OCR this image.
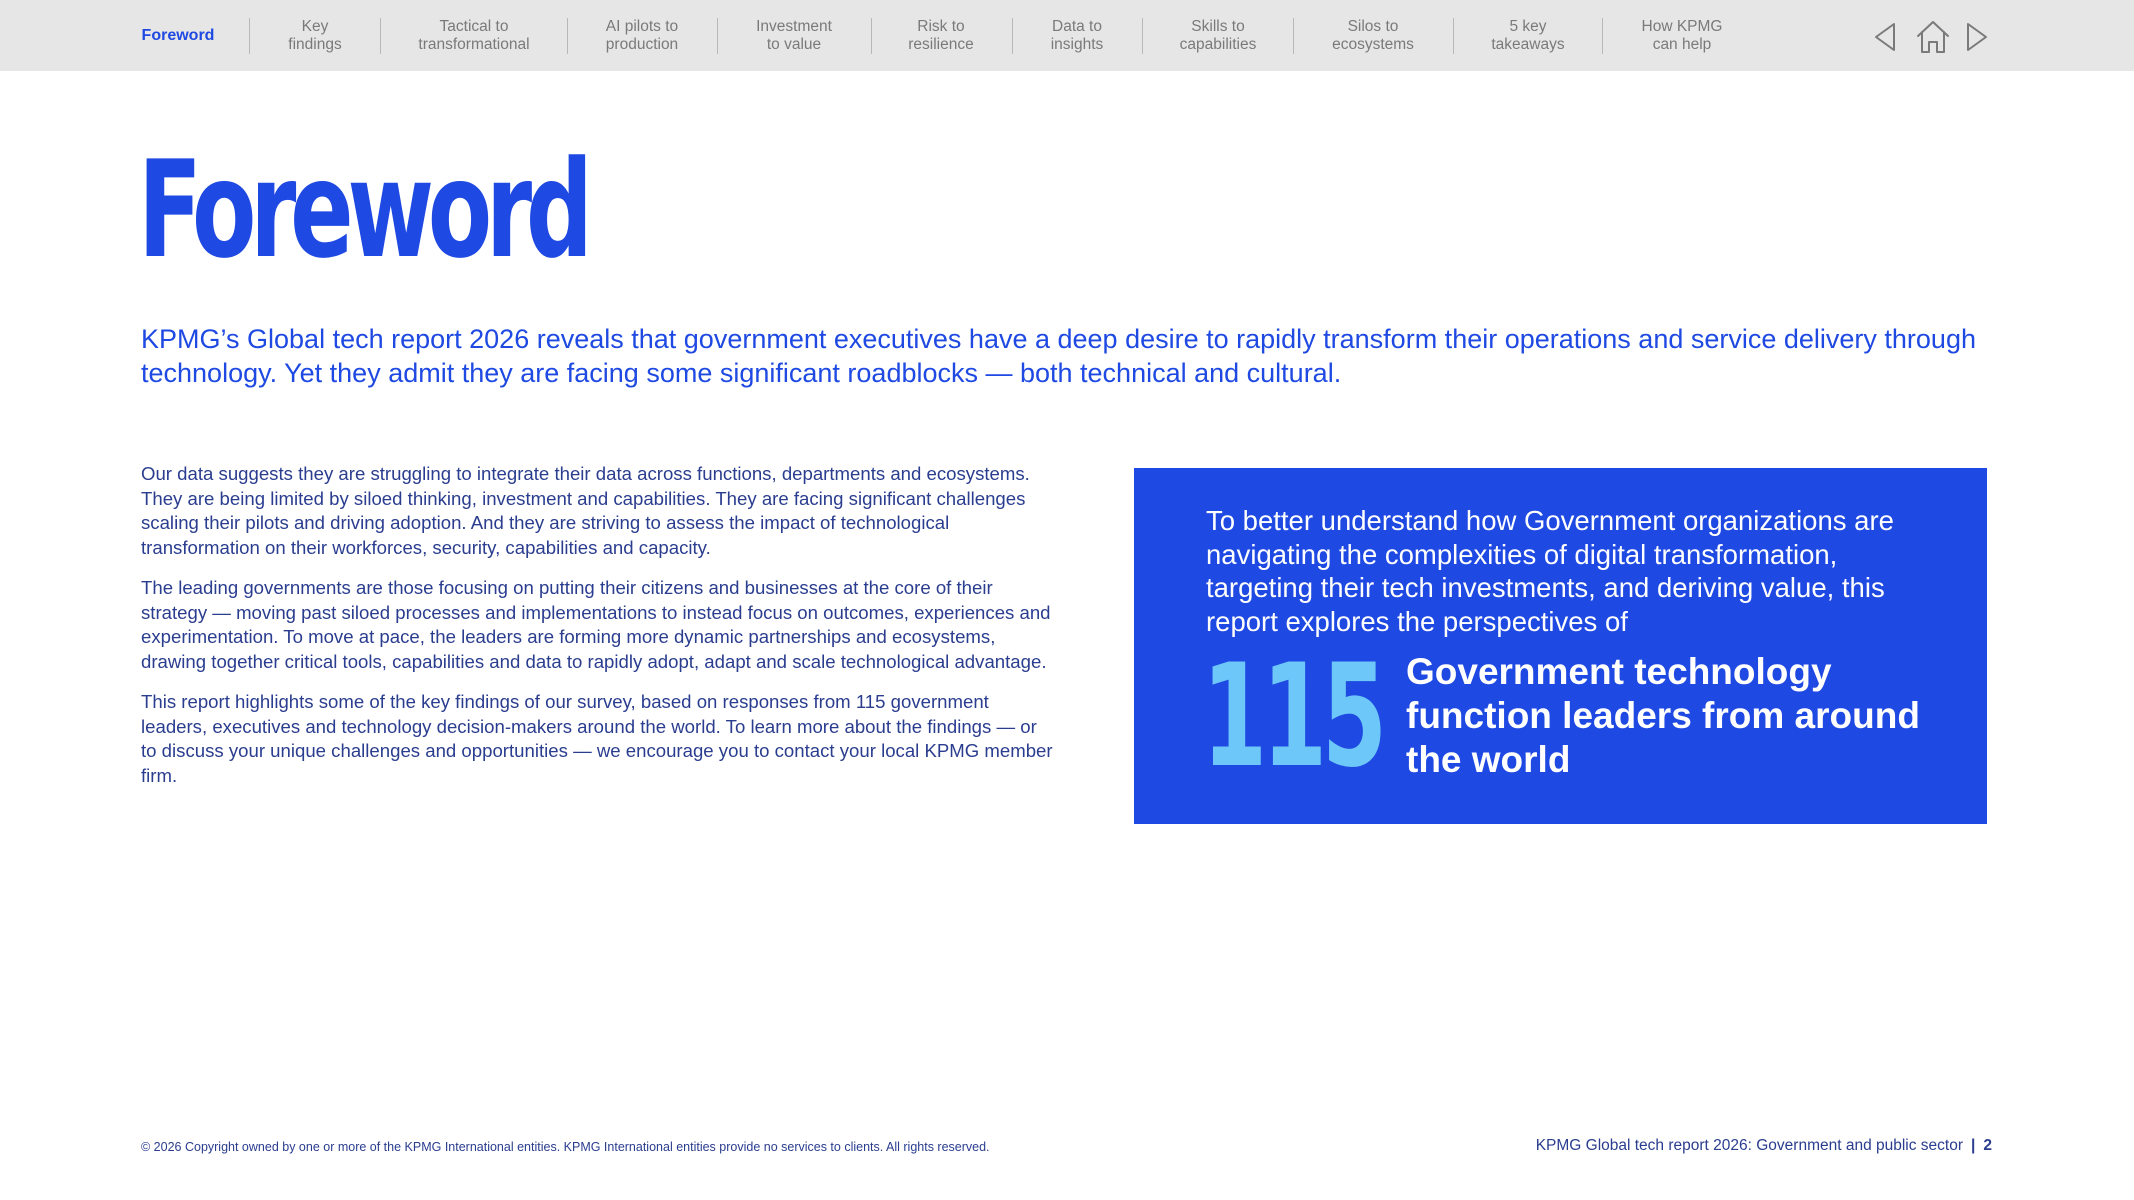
Foreword
Key
findings
Tactical to
transformational
AI pilots to
production
Investment
to value
Risk to
resilience
Data to
insights
Skills to
capabilities
Silos to
ecosystems
5 key
takeaways
How KPMG
can help
Foreword

KPMG’s Global tech report 2026 reveals that government executives have a deep desire to rapidly transform their operations and service delivery through technology. Yet they admit they are facing some significant roadblocks — both technical and cultural.

Our data suggests they are struggling to integrate their data across functions, departments and ecosystems. They are being limited by siloed thinking, investment and capabilities. They are facing significant challenges scaling their pilots and driving adoption. And they are striving to assess the impact of technological transformation on their workforces, security, capabilities and capacity.

The leading governments are those focusing on putting their citizens and businesses at the core of their strategy — moving past siloed processes and implementations to instead focus on outcomes, experiences and experimentation. To move at pace, the leaders are forming more dynamic partnerships and ecosystems, drawing together critical tools, capabilities and data to rapidly adopt, adapt and scale technological advantage.

This report highlights some of the key findings of our survey, based on responses from 115 government leaders, executives and technology decision-makers around the world. To learn more about the findings — or to discuss your unique challenges and opportunities — we encourage you to contact your local KPMG member firm.

To better understand how Government organizations are navigating the complexities of digital transformation, targeting their tech investments, and deriving value, this report explores the perspectives of

115 Government technology function leaders from around the world

© 2026 Copyright owned by one or more of the KPMG International entities. KPMG International entities provide no services to clients. All rights reserved.	KPMG Global tech report 2026: Government and public sector | 2
